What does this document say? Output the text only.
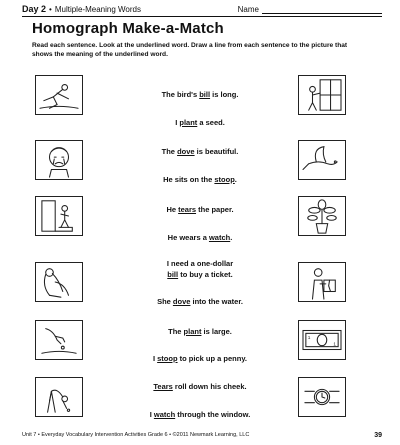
Day 2 • Multiple-Meaning Words	Name
Homograph Make-a-Match
Read each sentence. Look at the underlined word. Draw a line from each sentence to the picture that shows the meaning of the underlined word.
1
1
The bird's bill is long.
I plant a seed.
The dove is beautiful.
He sits on the stoop.
He tears the paper.
He wears a watch.
I need a one-dollar
bill to buy a ticket.
She dove into the water.
The plant is large.
I stoop to pick up a penny.
Tears roll down his cheek.
I watch through the window.
Unit 7 • Everyday Vocabulary Intervention Activities Grade 6 • ©2011 Newmark Learning, LLC	39
